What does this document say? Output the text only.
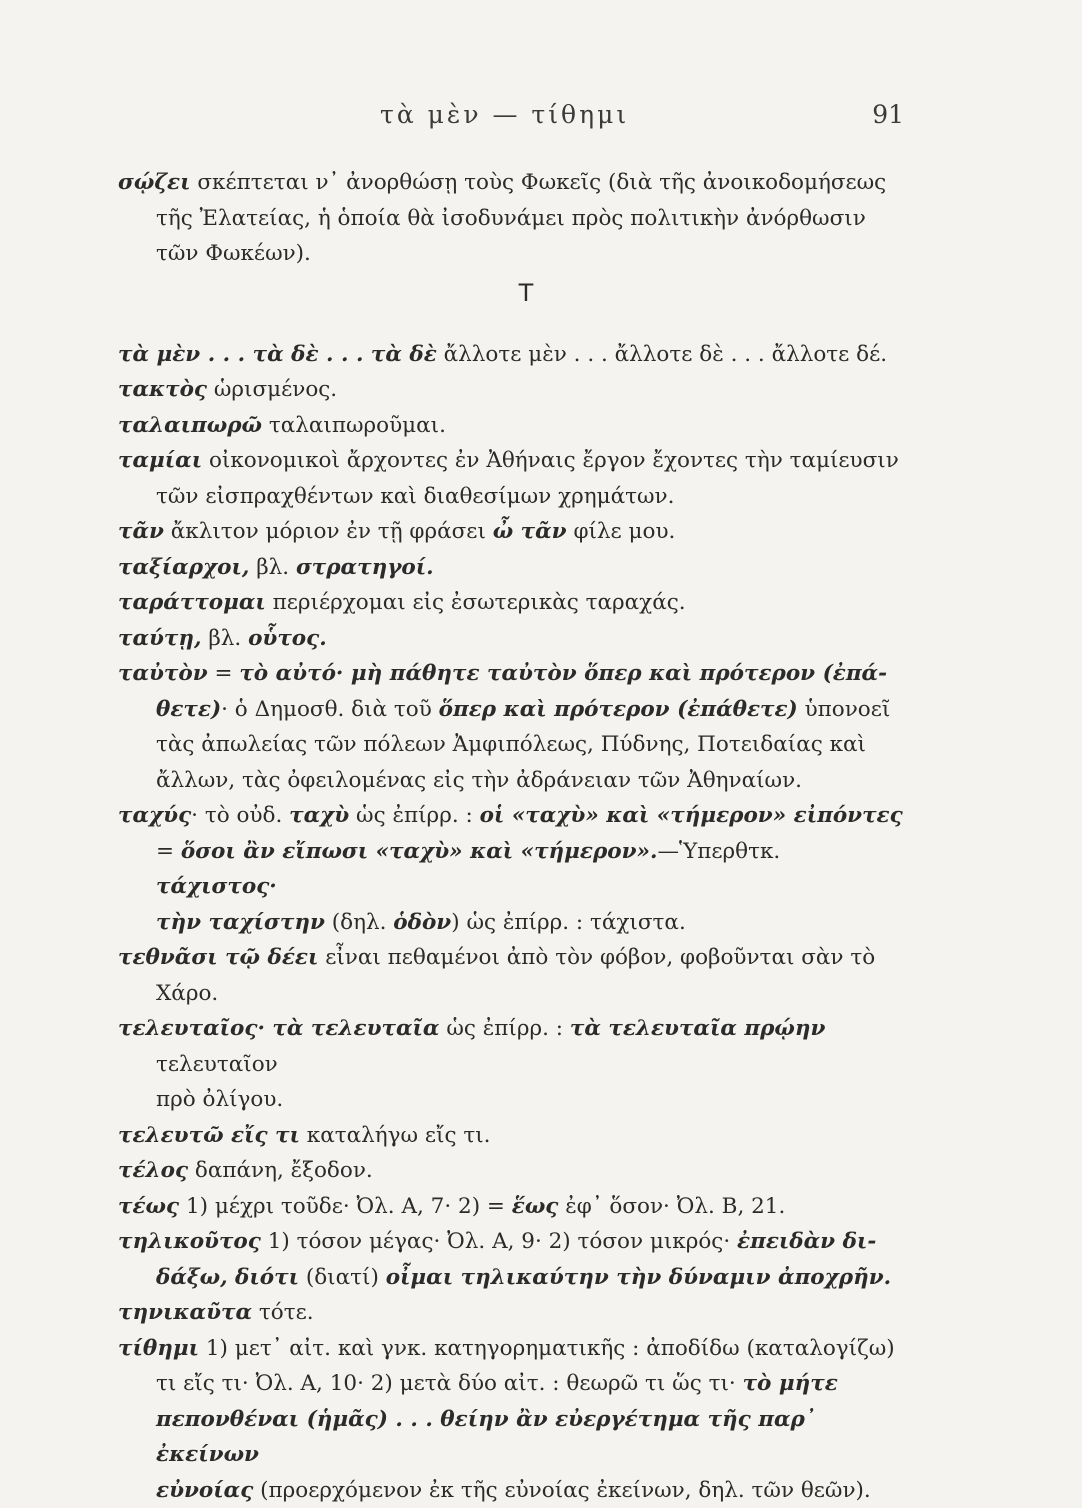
τὰ μὲν — τίθημι	91
σῴζει σκέπτεται ν᾽ ἀνορθώσῃ τοὺς Φωκεῖς (διὰ τῆς ἀνοικοδομήσεως
τῆς Ἐλατείας, ἡ ὁποία θὰ ἰσοδυνάμει πρὸς πολιτικὴν ἀνόρθωσιν
τῶν Φωκέων).
T
τὰ μὲν . . . τὰ δὲ . . . τὰ δὲ ἄλλοτε μὲν . . . ἄλλοτε δὲ . . . ἄλλοτε δέ.
τακτὸς ὡρισμένος.
ταλαιπωρῶ ταλαιπωροῦμαι.
ταμίαι οἰκονομικοὶ ἄρχοντες ἐν Ἀθήναις ἔργον ἔχοντες τὴν ταμίευσιν
τῶν εἰσπραχθέντων καὶ διαθεσίμων χρημάτων.
τᾶν ἄκλιτον μόριον ἐν τῇ φράσει ὦ τᾶν φίλε μου.
ταξίαρχοι, βλ. στρατηγοί.
ταράττομαι περιέρχομαι εἰς ἐσωτερικὰς ταραχάς.
ταύτῃ, βλ. οὗτος.
ταὐτὸν = τὸ αὐτό· μὴ πάθητε ταὐτὸν ὅπερ καὶ πρότερον (ἐπά-
θετε)· ὁ Δημοσθ. διὰ τοῦ ὅπερ καὶ πρότερον (ἐπάθετε) ὑπονοεῖ
τὰς ἀπωλείας τῶν πόλεων Ἀμφιπόλεως, Πύδνης, Ποτειδαίας καὶ
ἄλλων, τὰς ὀφειλομένας εἰς τὴν ἀδράνειαν τῶν Ἀθηναίων.
ταχύς· τὸ οὐδ. ταχὺ ὡς ἐπίρρ. : οἱ «ταχὺ» καὶ «τήμερον» εἰπόντες
= ὅσοι ἂν εἴπωσι «ταχὺ» καὶ «τήμερον».—Ὑπερθτκ. τάχιστος·
τὴν ταχίστην (δηλ. ὁδὸν) ὡς ἐπίρρ. : τάχιστα.
τεθνᾶσι τῷ δέει εἶναι πεθαμένοι ἀπὸ τὸν φόβον, φοβοῦνται σὰν τὸ
Χάρο.
τελευταῖος· τὰ τελευταῖα ὡς ἐπίρρ. : τὰ τελευταῖα πρῴην τελευταῖον
πρὸ ὀλίγου.
τελευτῶ εἴς τι καταλήγω εἴς τι.
τέλος δαπάνη, ἔξοδον.
τέως 1) μέχρι τοῦδε· Ὀλ. Α, 7· 2) = ἕως ἐφ᾽ ὅσον· Ὀλ. Β, 21.
τηλικοῦτος 1) τόσον μέγας· Ὀλ. Α, 9· 2) τόσον μικρός· ἐπειδὰν δι-
δάξω, διότι (διατί) οἶμαι τηλικαύτην τὴν δύναμιν ἀποχρῆν.
τηνικαῦτα τότε.
τίθημι 1) μετ᾽ αἰτ. καὶ γνκ. κατηγορηματικῆς : ἀποδίδω (καταλογίζω)
τι εἴς τι· Ὀλ. Α, 10· 2) μετὰ δύο αἰτ. : θεωρῶ τι ὥς τι· τὸ μήτε
πεπονθέναι (ἡμᾶς) . . . θείην ἂν εὐεργέτημα τῆς παρ᾽ ἐκείνων
εὐνοίας (προερχόμενον ἐκ τῆς εὐνοίας ἐκείνων, δηλ. τῶν θεῶν).
